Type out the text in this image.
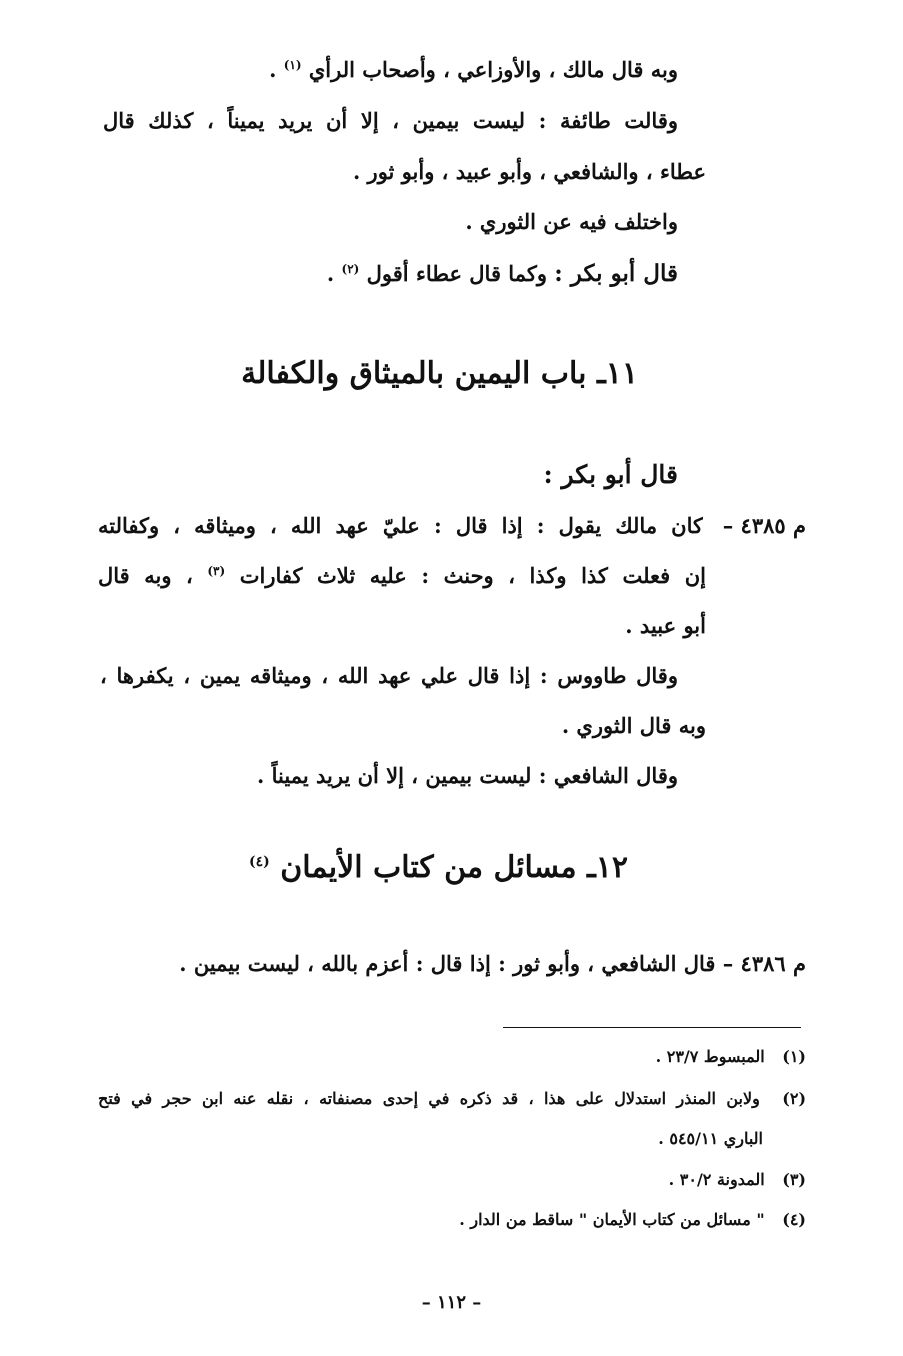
وبه قال مالك ، والأوزاعي ، وأصحاب الرأي $^{(١)}$ .
وقالت طائفة : ليست بيمين ، إلا أن يريد يميناً ، كذلك قال
عطاء ، والشافعي ، وأبو عبيد ، وأبو ثور .
واختلف فيه عن الثوري .
قال أبو بكر : وكما قال عطاء أقول $^{(٢)}$ .
١١ـ باب اليمين بالميثاق والكفالة
قال أبو بكر :
م ٤٣٨٥ –
كان مالك يقول : إذا قال : عليّ عهد الله ، وميثاقه ، وكفالته
إن فعلت كذا وكذا ، وحنث : عليه ثلاث كفارات $^{(٣)}$ ، وبه قال
أبو عبيد .
وقال طاووس : إذا قال علي عهد الله ، وميثاقه يمين ، يكفرها ،
وبه قال الثوري .
وقال الشافعي : ليست بيمين ، إلا أن يريد يميناً .
١٢ـ مسائل من كتاب الأيمان $^{(٤)}$
م ٤٣٨٦ – قال الشافعي ، وأبو ثور : إذا قال : أعزم بالله ، ليست بيمين .
(١) المبسوط ٢٣/٧ .
(٢) ولابن المنذر استدلال على هذا ، قد ذكره في إحدى مصنفاته ، نقله عنه ابن حجر في فتح
الباري ٥٤٥/١١ .
(٣) المدونة ٣٠/٢ .
(٤) " مسائل من كتاب الأيمان " ساقط من الدار .
– ١١٢ –
